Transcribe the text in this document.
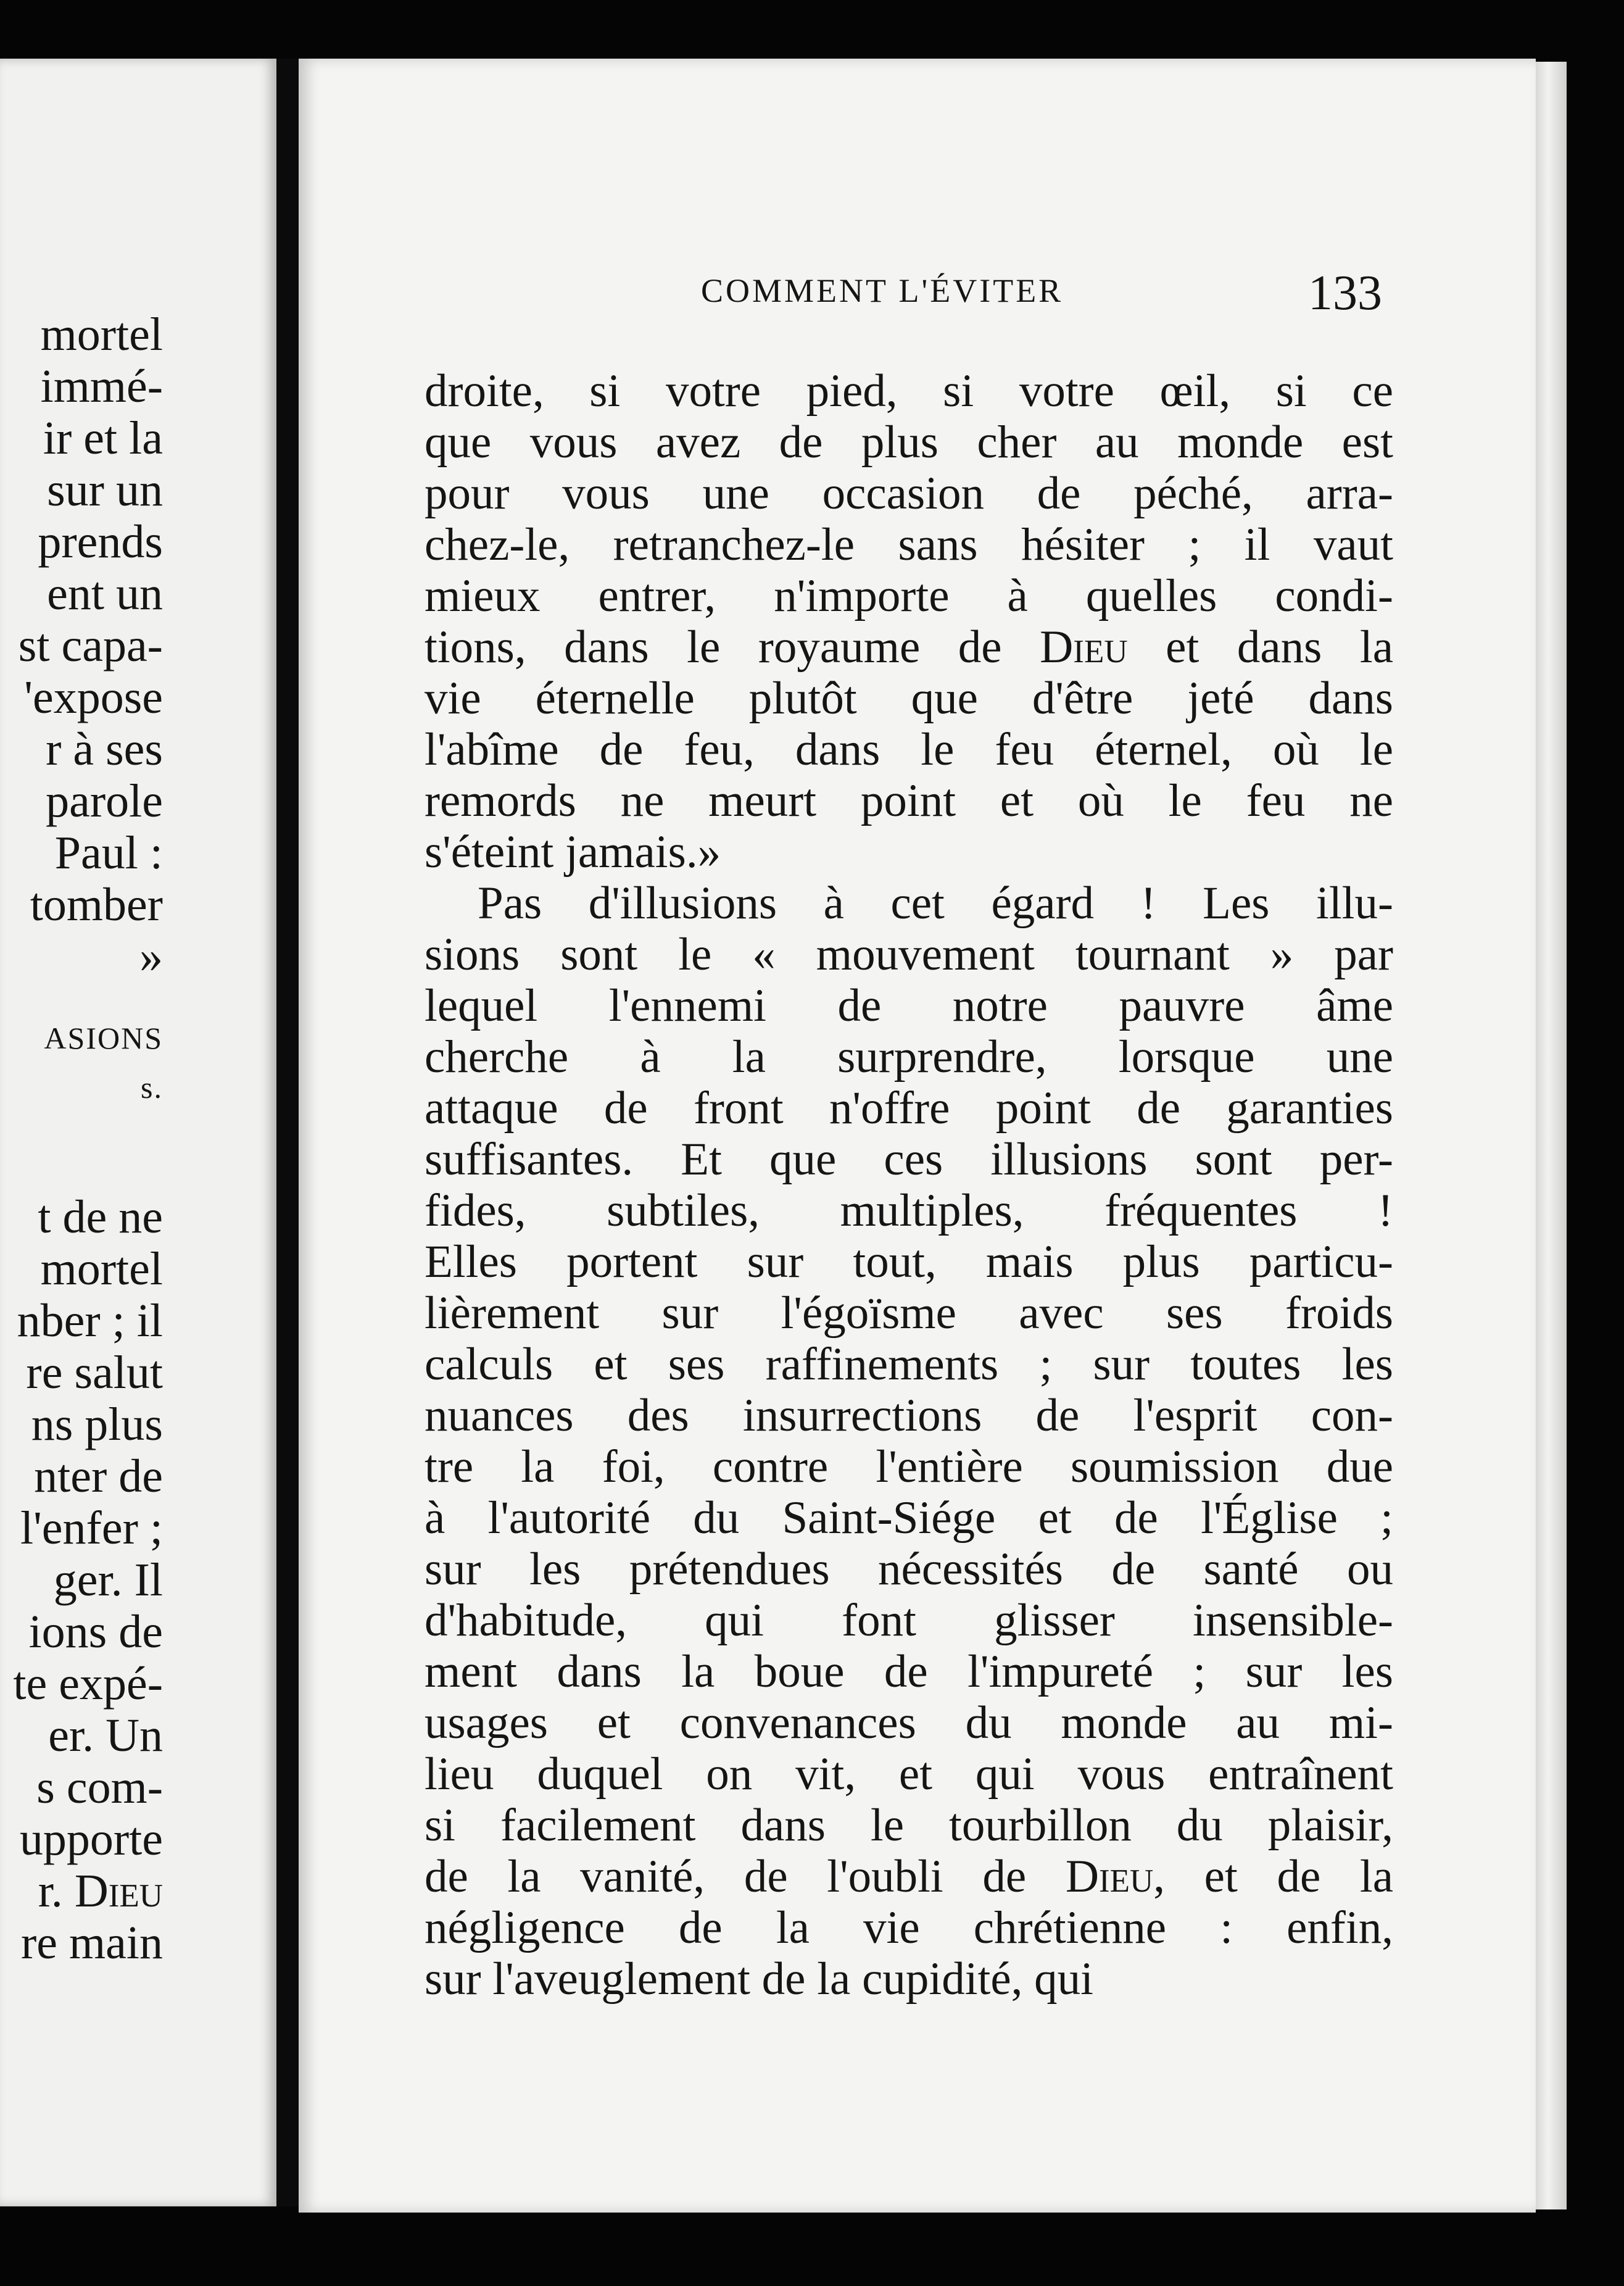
mortel
immé-
ir et la
sur un
prends
ent un
st capa-
'expose
r à ses
parole
Paul :
tomber
»
ASIONS
s.
t de ne
mortel
nber ; il
re salut
ns plus
nter de
l'enfer ;
ger. Il
ions de
te expé-
er. Un
s com-
upporte
r. Dieu
re main
COMMENT L'ÉVITER	133
droite, si votre pied, si votre œil, si ce
que vous avez de plus cher au monde est
pour vous une occasion de péché, arra-
chez-le, retranchez-le sans hésiter ; il vaut
mieux entrer, n'importe à quelles condi-
tions, dans le royaume de Dieu et dans la
vie éternelle plutôt que d'être jeté dans
l'abîme de feu, dans le feu éternel, où le
remords ne meurt point et où le feu ne
s'éteint jamais.»
Pas d'illusions à cet égard ! Les illu-
sions sont le « mouvement tournant » par
lequel l'ennemi de notre pauvre âme
cherche à la surprendre, lorsque une
attaque de front n'offre point de garanties
suffisantes. Et que ces illusions sont per-
fides, subtiles, multiples, fréquentes !
Elles portent sur tout, mais plus particu-
lièrement sur l'égoïsme avec ses froids
calculs et ses raffinements ; sur toutes les
nuances des insurrections de l'esprit con-
tre la foi, contre l'entière soumission due
à l'autorité du Saint-Siége et de l'Église ;
sur les prétendues nécessités de santé ou
d'habitude, qui font glisser insensible-
ment dans la boue de l'impureté ; sur les
usages et convenances du monde au mi-
lieu duquel on vit, et qui vous entraînent
si facilement dans le tourbillon du plaisir,
de la vanité, de l'oubli de Dieu, et de la
négligence de la vie chrétienne : enfin,
sur l'aveuglement de la cupidité, qui
